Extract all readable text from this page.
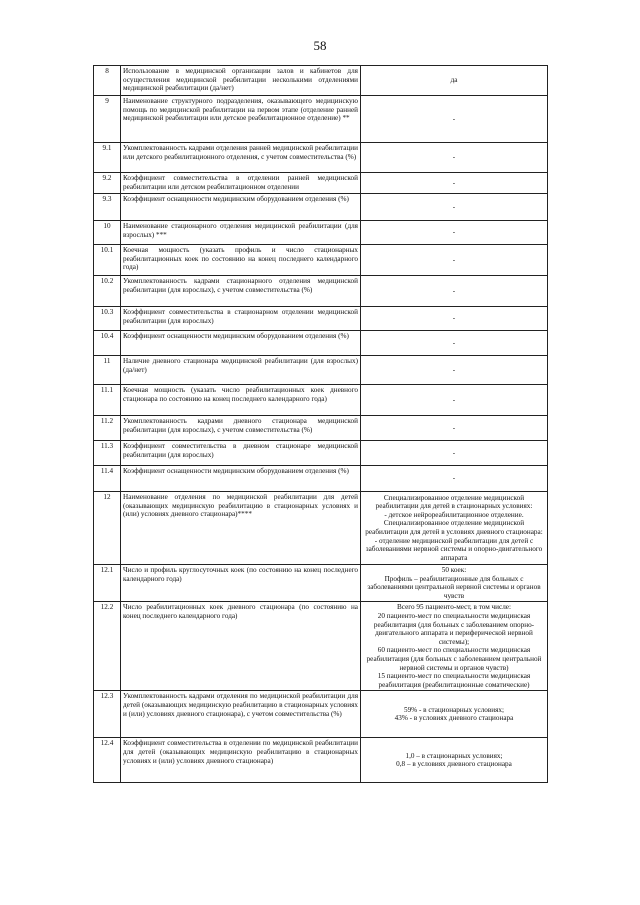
58
8	Использование в медицинской организации залов и кабинетов для осуществления медицинской реабилитации несколькими отделениями медицинской реабилитации (да/нет)	да

9	Наименование структурного подразделения, оказывающего медицинскую помощь по медицинской реабилитации на первом этапе (отделение ранней медицинской реабилитации или детское реабилитационное отделение) **	-

9.1	Укомплектованность кадрами отделения ранней медицинской реабилитации или детского реабилитационного отделения, с учетом совместительства (%)	-

9.2	Коэффициент совместительства в отделении ранней медицинской реабилитации или детском реабилитационном отделении	-

9.3	Коэффициент оснащенности медицинским оборудованием отделения (%)	-

10	Наименование стационарного отделения медицинской реабилитации (для взрослых) ***	-

10.1	Коечная мощность (указать профиль и число стационарных реабилитационных коек по состоянию на конец последнего календарного года)	-

10.2	Укомплектованность кадрами стационарного отделения медицинской реабилитации (для взрослых), с учетом совместительства (%)	-

10.3	Коэффициент совместительства в стационарном отделении медицинской реабилитации (для взрослых)	-

10.4	Коэффициент оснащенности медицинским оборудованием отделения (%)	-

11	Наличие дневного стационара медицинской реабилитации (для взрослых) (да/нет)	-

11.1	Коечная мощность (указать число реабилитационных коек дневного стационара по состоянию на конец последнего календарного года)	-

11.2	Укомплектованность кадрами дневного стационара медицинской реабилитации (для взрослых), с учетом совместительства (%)	-

11.3	Коэффициент совместительства в дневном стационаре медицинской реабилитации (для взрослых)	-

11.4	Коэффициент оснащенности медицинским оборудованием отделения (%)	-

12	Наименование отделения по медицинской реабилитации для детей (оказывающих медицинскую реабилитацию в стационарных условиях и (или) условиях дневного стационара)****	Специализированное отделение медицинской реабилитации для детей в стационарных условиях:
- детское нейрореабилитационное отделение.
Специализированное отделение медицинской реабилитации для детей в условиях дневного стационара:
- отделение медицинской реабилитации для детей с заболеваниями нервной системы и опорно-двигательного аппарата

12.1	Число и профиль круглосуточных коек (по состоянию на конец последнего календарного года)	50 коек:
Профиль – реабилитационные для больных с заболеваниями центральной нервной системы и органов чувств

12.2	Число реабилитационных коек дневного стационара (по состоянию на конец последнего календарного года)	Всего 95 пациенто-мест, в том числе:
20 пациенто-мест по специальности медицинская реабилитация (для больных с заболеванием опорно-двигательного аппарата и периферической нервной системы);
60 пациенто-мест по специальности медицинская реабилитация (для больных с заболеванием центральной нервной системы и органов чувств)
15 пациенто-мест по специальности медицинская реабилитация (реабилитационные соматические)

12.3	Укомплектованность кадрами отделения по медицинской реабилитации для детей (оказывающих медицинскую реабилитацию в стационарных условиях и (или) условиях дневного стационара), с учетом совместительства (%)	59% - в стационарных условиях;
43% - в условиях дневного стационара

12.4	Коэффициент совместительства в отделении по медицинской реабилитации для детей (оказывающих медицинскую реабилитацию в стационарных условиях и (или) условиях дневного стационара)	1,0 – в стационарных условиях;
0,8 – в условиях дневного стационара
